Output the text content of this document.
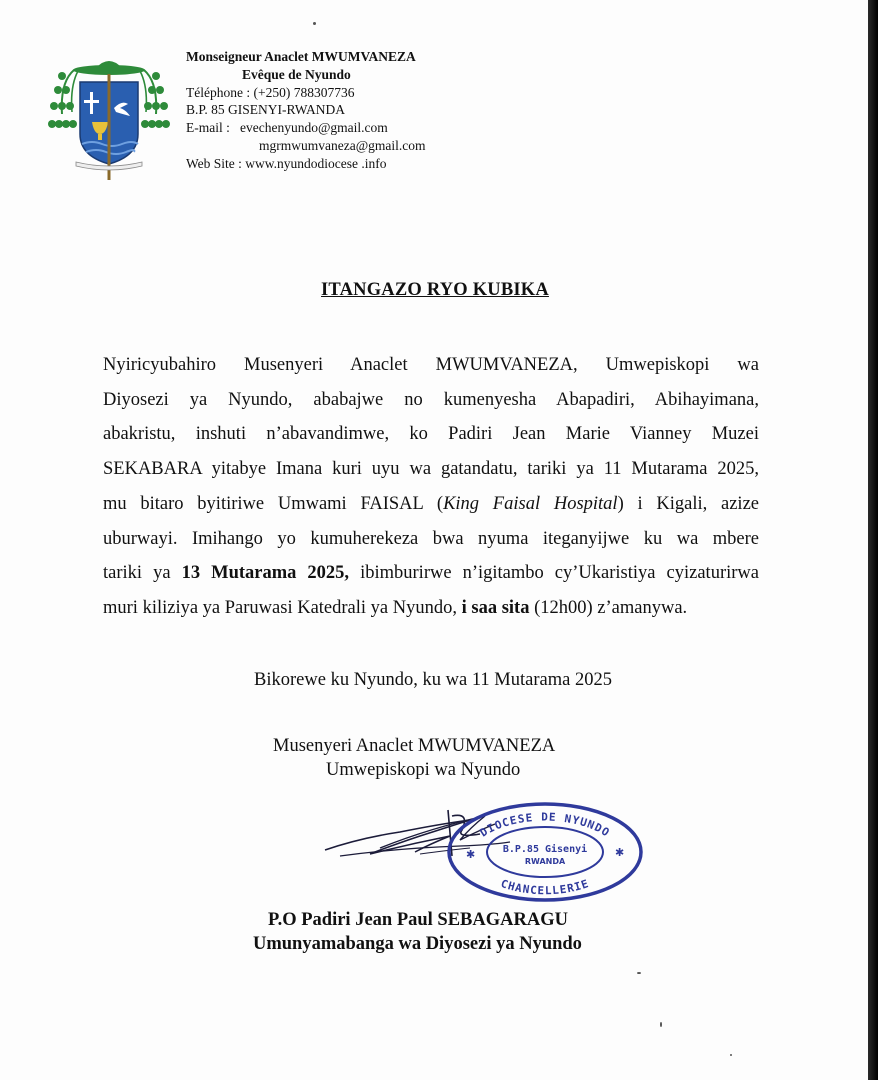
Monseigneur Anaclet MWUMVANEZA
Evêque de Nyundo
Téléphone : (+250) 788307736
B.P. 85 GISENYI-RWANDA
E-mail : evechenyundo@gmail.com
mgrmwumvaneza@gmail.com
Web Site : www.nyundodiocese .info
ITANGAZO RYO KUBIKA
Nyiricyubahiro Musenyeri Anaclet MWUMVANEZA, Umwepiskopi wa
Diyosezi ya Nyundo, ababajwe no kumenyesha Abapadiri, Abihayimana,
abakristu, inshuti n’abavandimwe, ko Padiri Jean Marie Vianney Muzei
SEKABARA yitabye Imana kuri uyu wa gatandatu, tariki ya 11 Mutarama 2025,
mu bitaro byitiriwe Umwami FAISAL (King Faisal Hospital) i Kigali, azize
uburwayi. Imihango yo kumuherekeza bwa nyuma iteganyijwe ku wa mbere
tariki ya 13 Mutarama 2025, ibimburirwe n’igitambo cy’Ukaristiya cyizaturirwa
muri kiliziya ya Paruwasi Katedrali ya Nyundo, i saa sita (12h00) z’amanywa.
Bikorewe ku Nyundo, ku wa 11 Mutarama 2025
Musenyeri Anaclet MWUMVANEZA
Umwepiskopi wa Nyundo
DIOCESE DE NYUNDO
CHANCELLERIE
B.P.85 Gisenyi
RWANDA
✱	✱
P.O Padiri Jean Paul SEBAGARAGU
Umunyamabanga wa Diyosezi ya Nyundo
